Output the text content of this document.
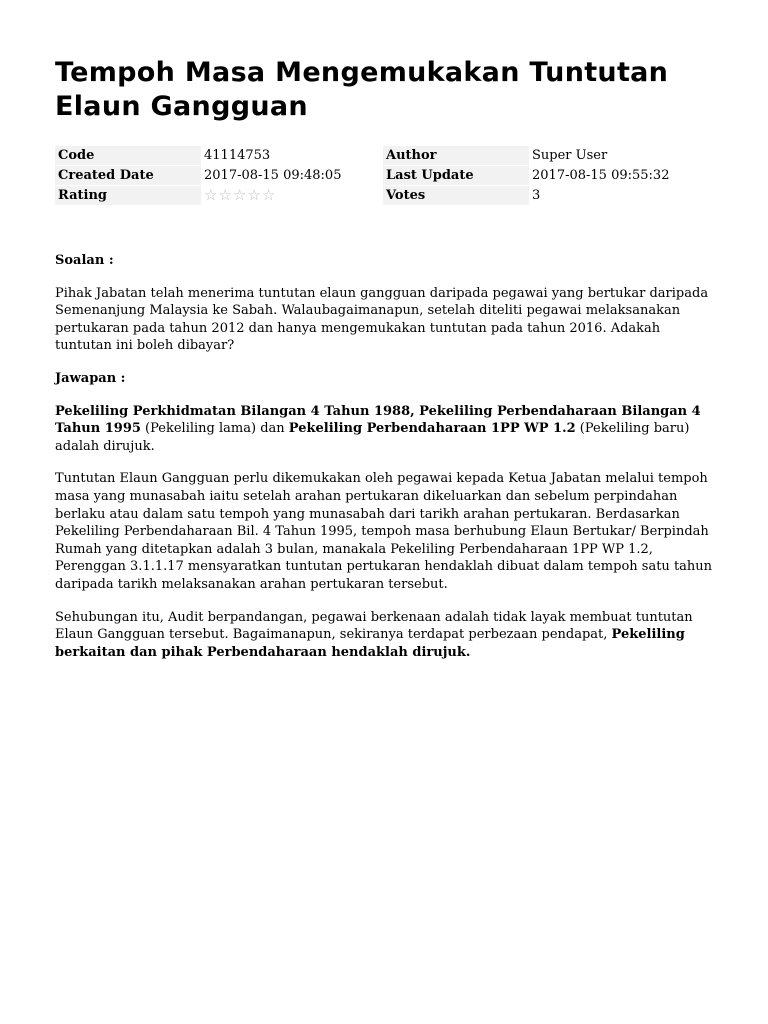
Tempoh Masa Mengemukakan Tuntutan Elaun Gangguan
Code	41114753	Author	Super User
Created Date	2017-08-15 09:48:05	Last Update	2017-08-15 09:55:32
Rating	☆ ☆ ☆ ☆ ☆	Votes	3

Soalan :

Pihak Jabatan telah menerima tuntutan elaun gangguan daripada pegawai yang bertukar daripada Semenanjung Malaysia ke Sabah. Walaubagaimanapun, setelah diteliti pegawai melaksanakan pertukaran pada tahun 2012 dan hanya mengemukakan tuntutan pada tahun 2016. Adakah tuntutan ini boleh dibayar?

Jawapan :

Pekeliling Perkhidmatan Bilangan 4 Tahun 1988, Pekeliling Perbendaharaan Bilangan 4 Tahun 1995 (Pekeliling lama) dan Pekeliling Perbendaharaan 1PP WP 1.2 (Pekeliling baru) adalah dirujuk.

Tuntutan Elaun Gangguan perlu dikemukakan oleh pegawai kepada Ketua Jabatan melalui tempoh masa yang munasabah iaitu setelah arahan pertukaran dikeluarkan dan sebelum perpindahan berlaku atau dalam satu tempoh yang munasabah dari tarikh arahan pertukaran. Berdasarkan Pekeliling Perbendaharaan Bil. 4 Tahun 1995, tempoh masa berhubung Elaun Bertukar/ Berpindah Rumah yang ditetapkan adalah 3 bulan, manakala Pekeliling Perbendaharaan 1PP WP 1.2, Perenggan 3.1.1.17 mensyaratkan tuntutan pertukaran hendaklah dibuat dalam tempoh satu tahun daripada tarikh melaksanakan arahan pertukaran tersebut.

Sehubungan itu, Audit berpandangan, pegawai berkenaan adalah tidak layak membuat tuntutan Elaun Gangguan tersebut. Bagaimanapun, sekiranya terdapat perbezaan pendapat, Pekeliling berkaitan dan pihak Perbendaharaan hendaklah dirujuk.
